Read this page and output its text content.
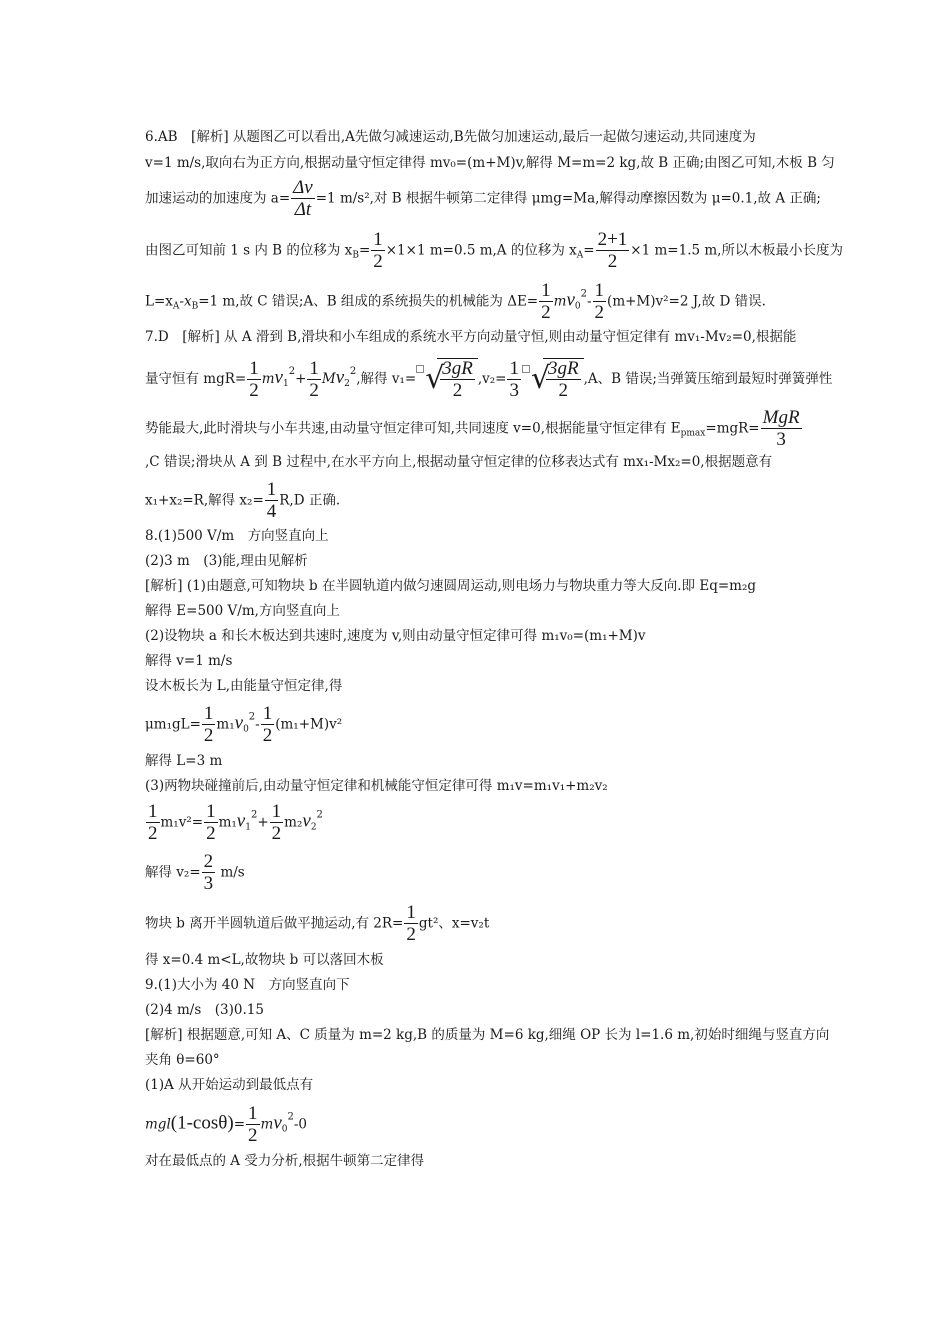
6.AB　[解析] 从题图乙可以看出,A先做匀减速运动,B先做匀加速运动,最后一起做匀速运动,共同速度为
v=1 m/s,取向右为正方向,根据动量守恒定律得 mv₀=(m+M)v,解得 M=m=2 kg,故 B 正确;由图乙可知,木板 B 匀
加速运动的加速度为 $a= \frac{\Delta v}{\Delta t} =1$ m/s²,对 B 根据牛顿第二定律得 μmg=Ma,解得动摩擦因数为 μ=0.1,故 A 正确;
由图乙可知前 1 s 内 B 的位移为 $x_B= \frac{1}{2} \times 1\times 1$ m=0.5 m,A 的位移为 $x_A= \frac{2+1}{2} \times 1$ m=1.5 m,所以木板最小长度为
$L=x_A-x_B=1$ m,故 C 错误;A、B 组成的系统损失的机械能为 $\Delta E= \frac{1}{2} mv_0^2- \frac{1}{2} (m+M)v^2=2$ J,故 D 错误.
7.D　[解析] 从 A 滑到 B,滑块和小车组成的系统水平方向动量守恒,则由动量守恒定律有 mv₁-Mv₂=0,根据能
量守恒有 $mgR= \frac{1}{2} mv_1^2+ \frac{1}{2} Mv_2^2$,解得 v₁= √
$\frac{3gR}{2} ,v_2= \frac{1}{3}$ √
$\frac{3gR}{2} ,A$、B 错误;当弹簧压缩到最短时弹簧弹性
势能最大,此时滑块与小车共速,由动量守恒定律可知,共同速度 v=0,根据能量守恒定律有 $E_{pmax}=mgR=$
MgR
3
,C 错误;滑块从 A 到 B 过程中,在水平方向上,根据动量守恒定律的位移表达式有 mx₁-Mx₂=0,根据题意有
x₁+x₂=R,解得 $x_2= \frac{1}{4} R,D$ 正确.
8.(1)500 V/m　方向竖直向上
(2)3 m　(3)能,理由见解析
[解析] (1)由题意,可知物块 b 在半圆轨道内做匀速圆周运动,则电场力与物块重力等大反向.即 Eq=m₂g
解得 E=500 V/m,方向竖直向上
(2)设物块 a 和长木板达到共速时,速度为 v,则由动量守恒定律可得 m₁v₀=(m₁+M)v
解得 v=1 m/s
设木板长为 L,由能量守恒定律,得
$\mu m_1gL= \frac{1}{2} m_1v_0^2- \frac{1}{2} (m_1+M)v^2$
解得 L=3 m
(3)两物块碰撞前后,由动量守恒定律和机械能守恒定律可得 m₁v=m₁v₁+m₂v₂
$\frac{1}{2} m_1v^2= \frac{1}{2} m_1v_1^2+ \frac{1}{2} m_2v_2^2$
解得 $v_2= \frac{2}{3} m/s$
物块 b 离开半圆轨道后做平抛运动,有 $2R= \frac{1}{2} gt^2$、x=v₂t
得 x=0.4 m<L,故物块 b 可以落回木板
9.(1)大小为 40 N　方向竖直向下
(2)4 m/s　(3)0.15
[解析] 根据题意,可知 A、C 质量为 m=2 kg,B 的质量为 M=6 kg,细绳 OP 长为 l=1.6 m,初始时细绳与竖直方向
夹角 θ=60°
(1)A 从开始运动到最低点有
$mgl(1-\cos\theta)= \frac{1}{2} mv_0^2-0$
对在最低点的 A 受力分析,根据牛顿第二定律得
